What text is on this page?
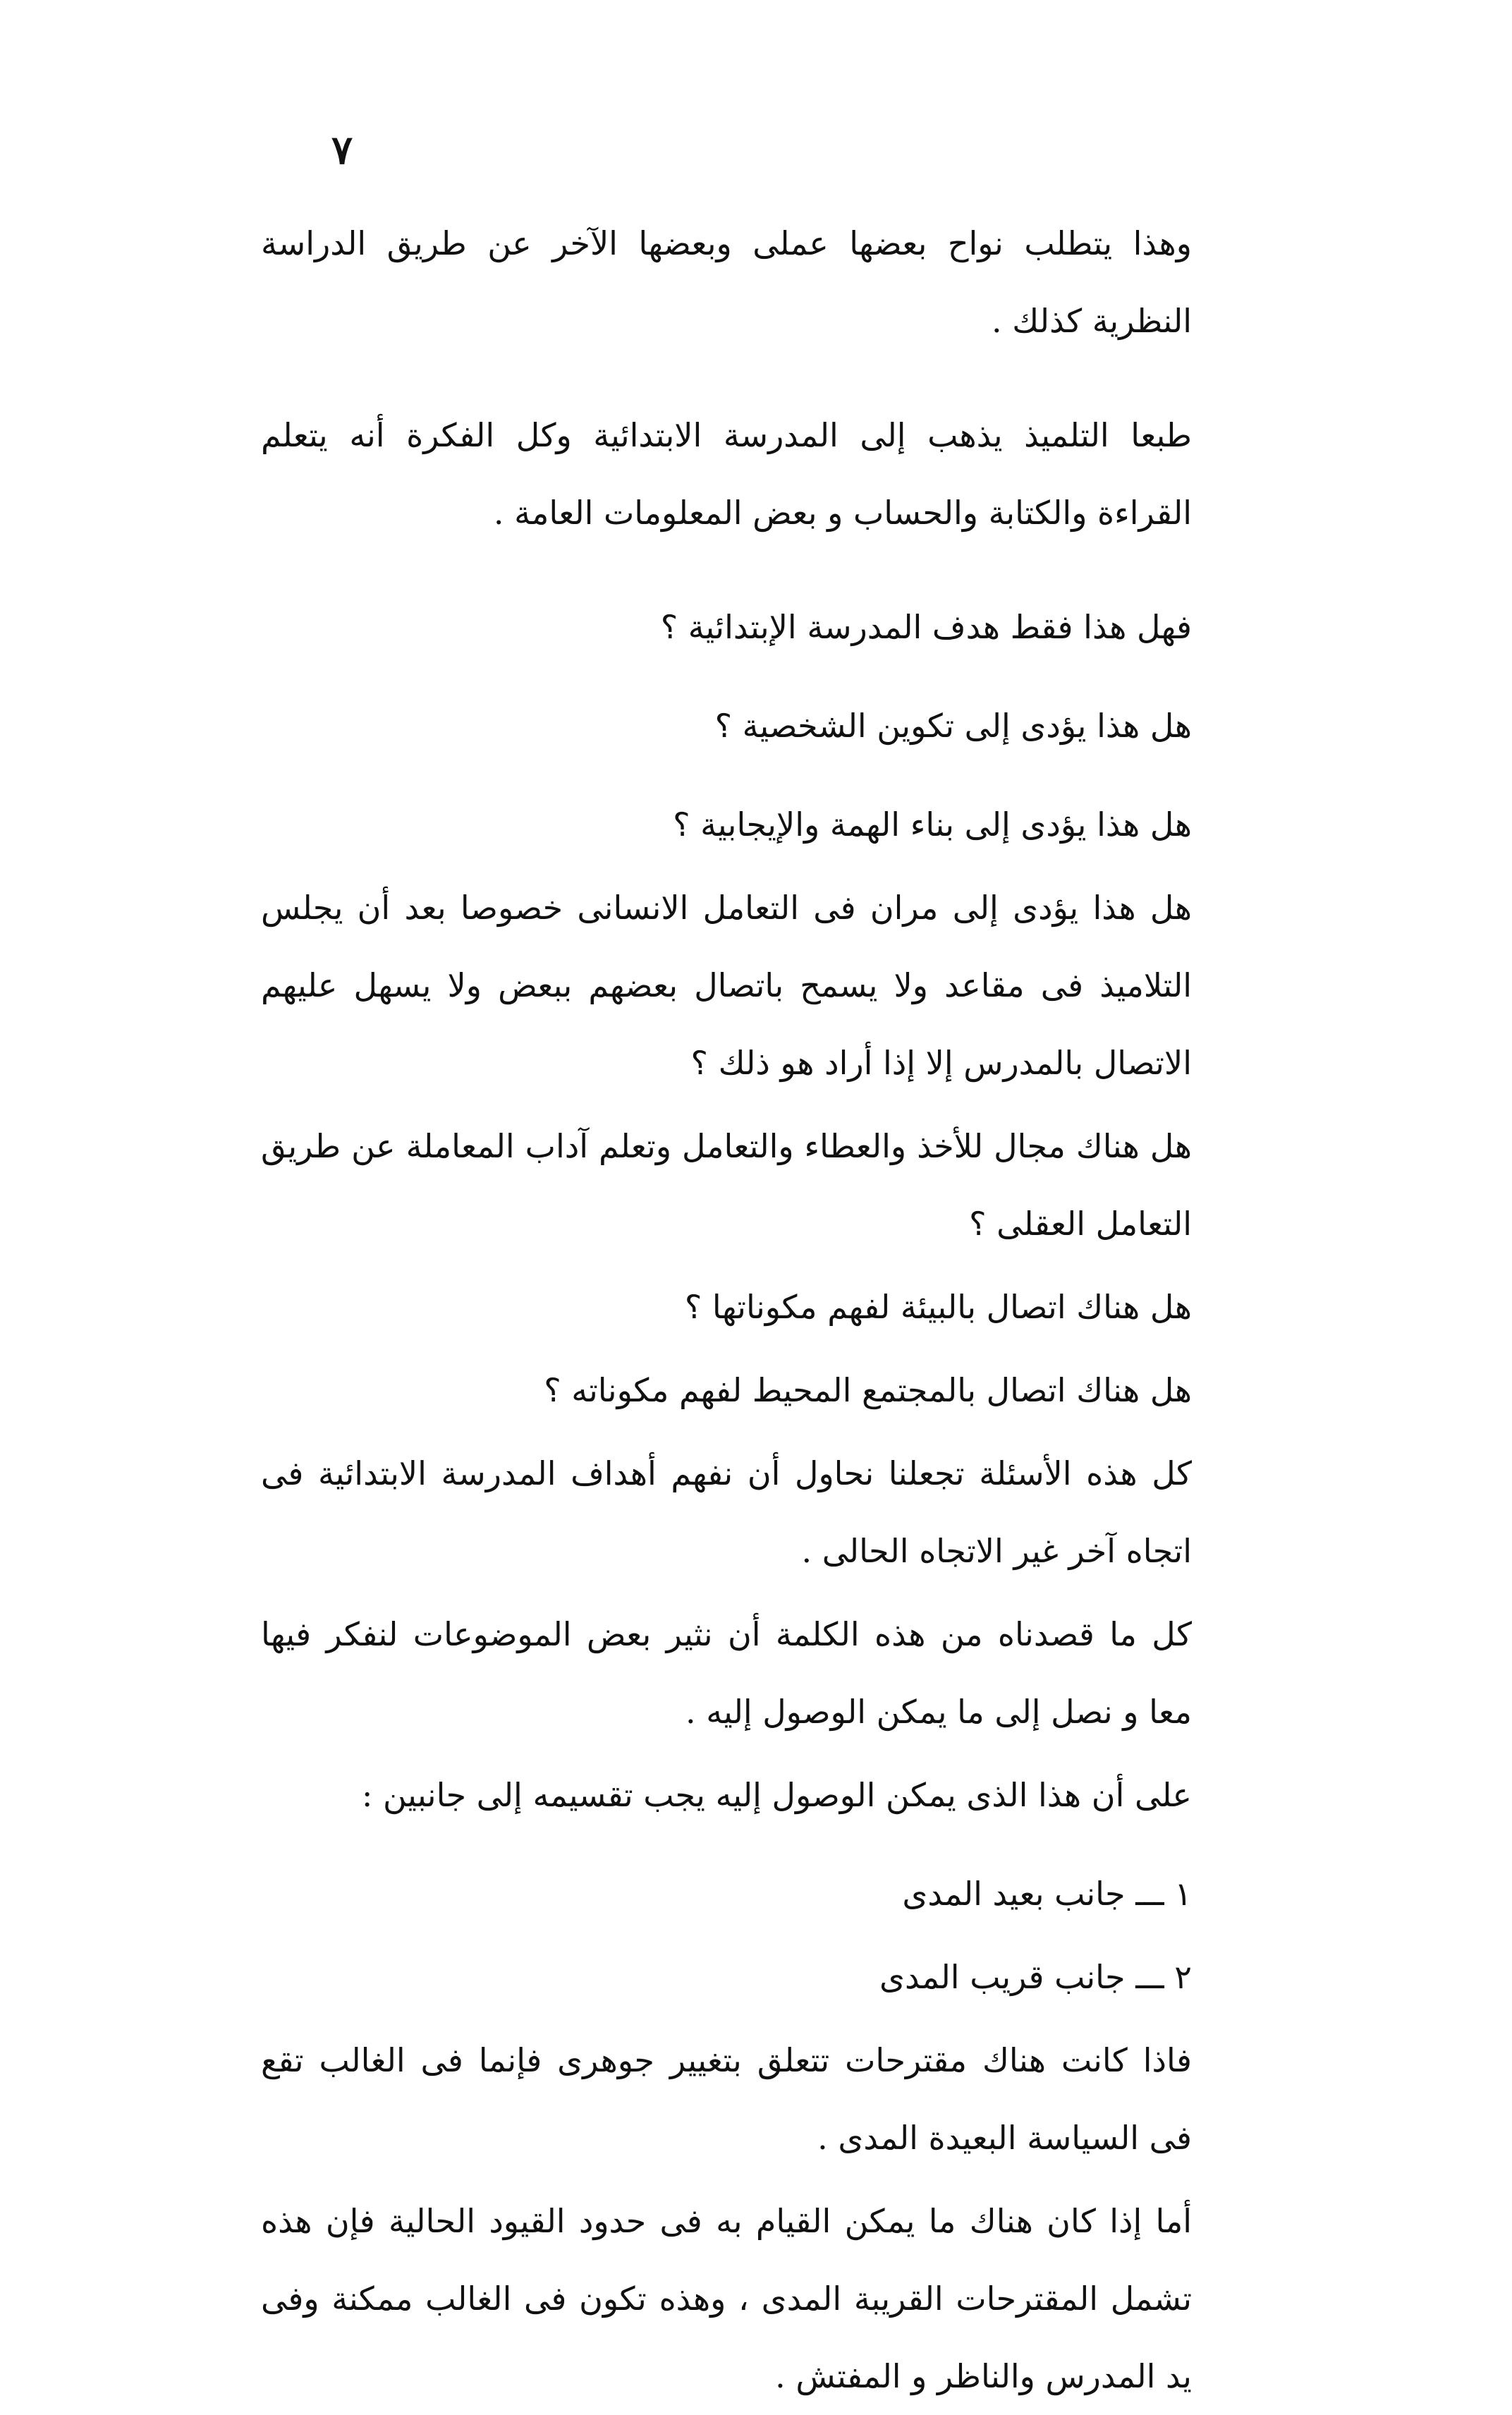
٧

وهذا يتطلب نواح بعضها عملى وبعضها الآخر عن طريق الدراسة النظرية كذلك .

طبعا التلميذ يذهب إلى المدرسة الابتدائية وكل الفكرة أنه يتعلم القراءة والكتابة والحساب و بعض المعلومات العامة .

فهل هذا فقط هدف المدرسة الإبتدائية ؟

هل هذا يؤدى إلى تكوين الشخصية ؟

هل هذا يؤدى إلى بناء الهمة والإيجابية ؟

هل هذا يؤدى إلى مران فى التعامل الانسانى خصوصا بعد أن يجلس التلاميذ فى مقاعد ولا يسمح باتصال بعضهم ببعض ولا يسهل عليهم الاتصال بالمدرس إلا إذا أراد هو ذلك ؟

هل هناك مجال للأخذ والعطاء والتعامل وتعلم آداب المعاملة عن طريق التعامل العقلى ؟

هل هناك اتصال بالبيئة لفهم مكوناتها ؟

هل هناك اتصال بالمجتمع المحيط لفهم مكوناته ؟

كل هذه الأسئلة تجعلنا نحاول أن نفهم أهداف المدرسة الابتدائية فى اتجاه آخر غير الاتجاه الحالى .

كل ما قصدناه من هذه الكلمة أن نثير بعض الموضوعات لنفكر فيها معا و نصل إلى ما يمكن الوصول إليه .

على أن هذا الذى يمكن الوصول إليه يجب تقسيمه إلى جانبين :

١ ـــ جانب بعيد المدى

٢ ـــ جانب قريب المدى

فاذا كانت هناك مقترحات تتعلق بتغيير جوهرى فإنما فى الغالب تقع فى السياسة البعيدة المدى .

أما إذا كان هناك ما يمكن القيام به فى حدود القيود الحالية فإن هذه تشمل المقترحات القريبة المدى ، وهذه تكون فى الغالب ممكنة وفى يد المدرس والناظر و المفتش .
